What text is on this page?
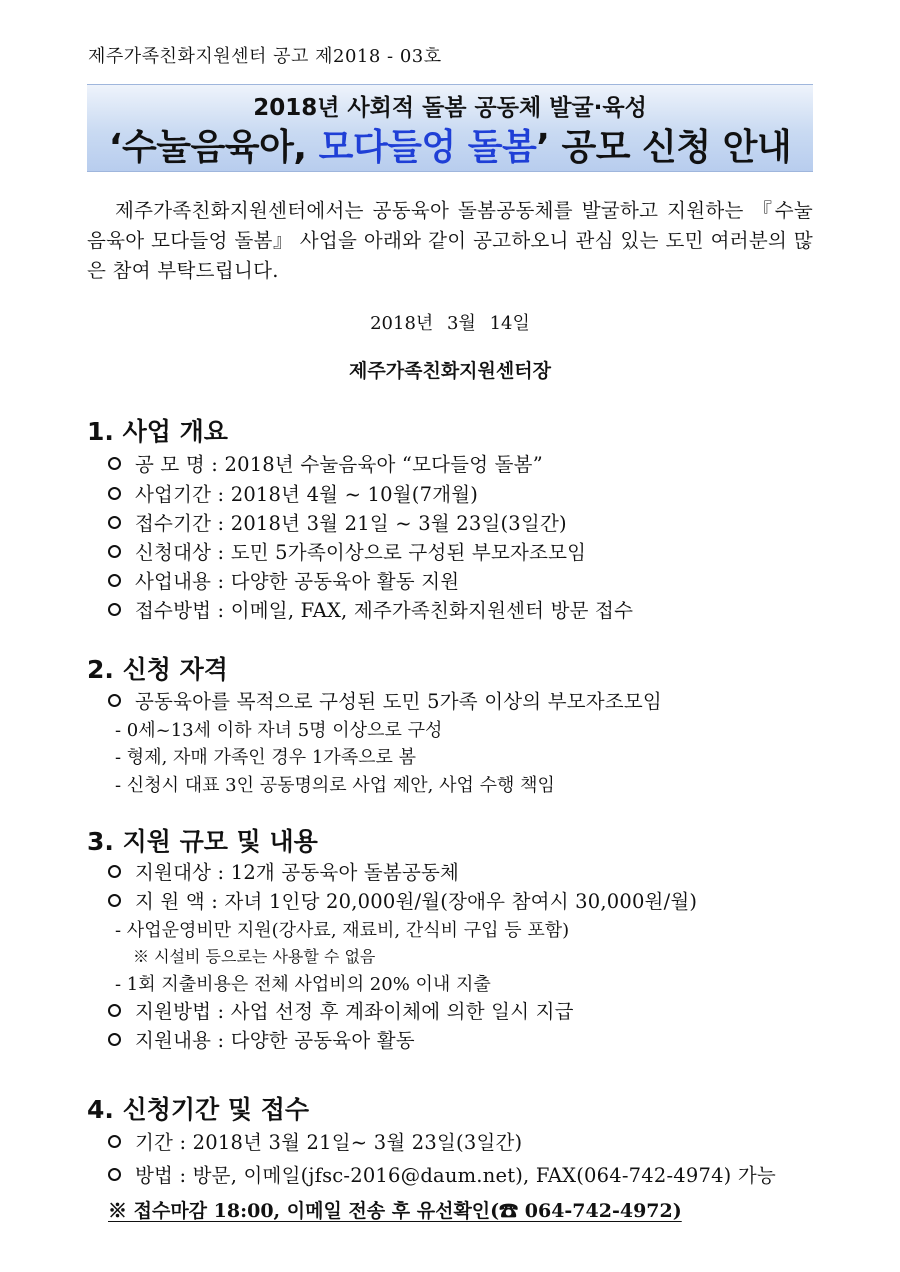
제주가족친화지원센터 공고 제2018 - 03호
2018년 사회적 돌봄 공동체 발굴·육성
‘수눌음육아, 모다들엉 돌봄’ 공모 신청 안내
제주가족친화지원센터에서는 공동육아 돌봄공동체를 발굴하고 지원하는 『수눌음육아 모다들엉 돌봄』 사업을 아래와 같이 공고하오니 관심 있는 도민 여러분의 많은 참여 부탁드립니다.
2018년 3월 14일
제주가족친화지원센터장
1. 사업 개요
공 모 명 : 2018년 수눌음육아 “모다들엉 돌봄”
사업기간 : 2018년 4월 ~ 10월(7개월)
접수기간 : 2018년 3월 21일 ~ 3월 23일(3일간)
신청대상 : 도민 5가족이상으로 구성된 부모자조모임
사업내용 : 다양한 공동육아 활동 지원
접수방법 : 이메일, FAX, 제주가족친화지원센터 방문 접수
2. 신청 자격
공동육아를 목적으로 구성된 도민 5가족 이상의 부모자조모임
- 0세~13세 이하 자녀 5명 이상으로 구성
- 형제, 자매 가족인 경우 1가족으로 봄
- 신청시 대표 3인 공동명의로 사업 제안, 사업 수행 책임
3. 지원 규모 및 내용
지원대상 : 12개 공동육아 돌봄공동체
지 원 액 : 자녀 1인당 20,000원/월(장애우 참여시 30,000원/월)
- 사업운영비만 지원(강사료, 재료비, 간식비 구입 등 포함)
※ 시설비 등으로는 사용할 수 없음
- 1회 지출비용은 전체 사업비의 20% 이내 지출
지원방법 : 사업 선정 후 계좌이체에 의한 일시 지급
지원내용 : 다양한 공동육아 활동
4. 신청기간 및 접수
기간 : 2018년 3월 21일~ 3월 23일(3일간)
방법 : 방문, 이메일(jfsc-2016@daum.net), FAX(064-742-4974) 가능
※ 접수마감 18:00, 이메일 전송 후 유선확인(☎ 064-742-4972)
